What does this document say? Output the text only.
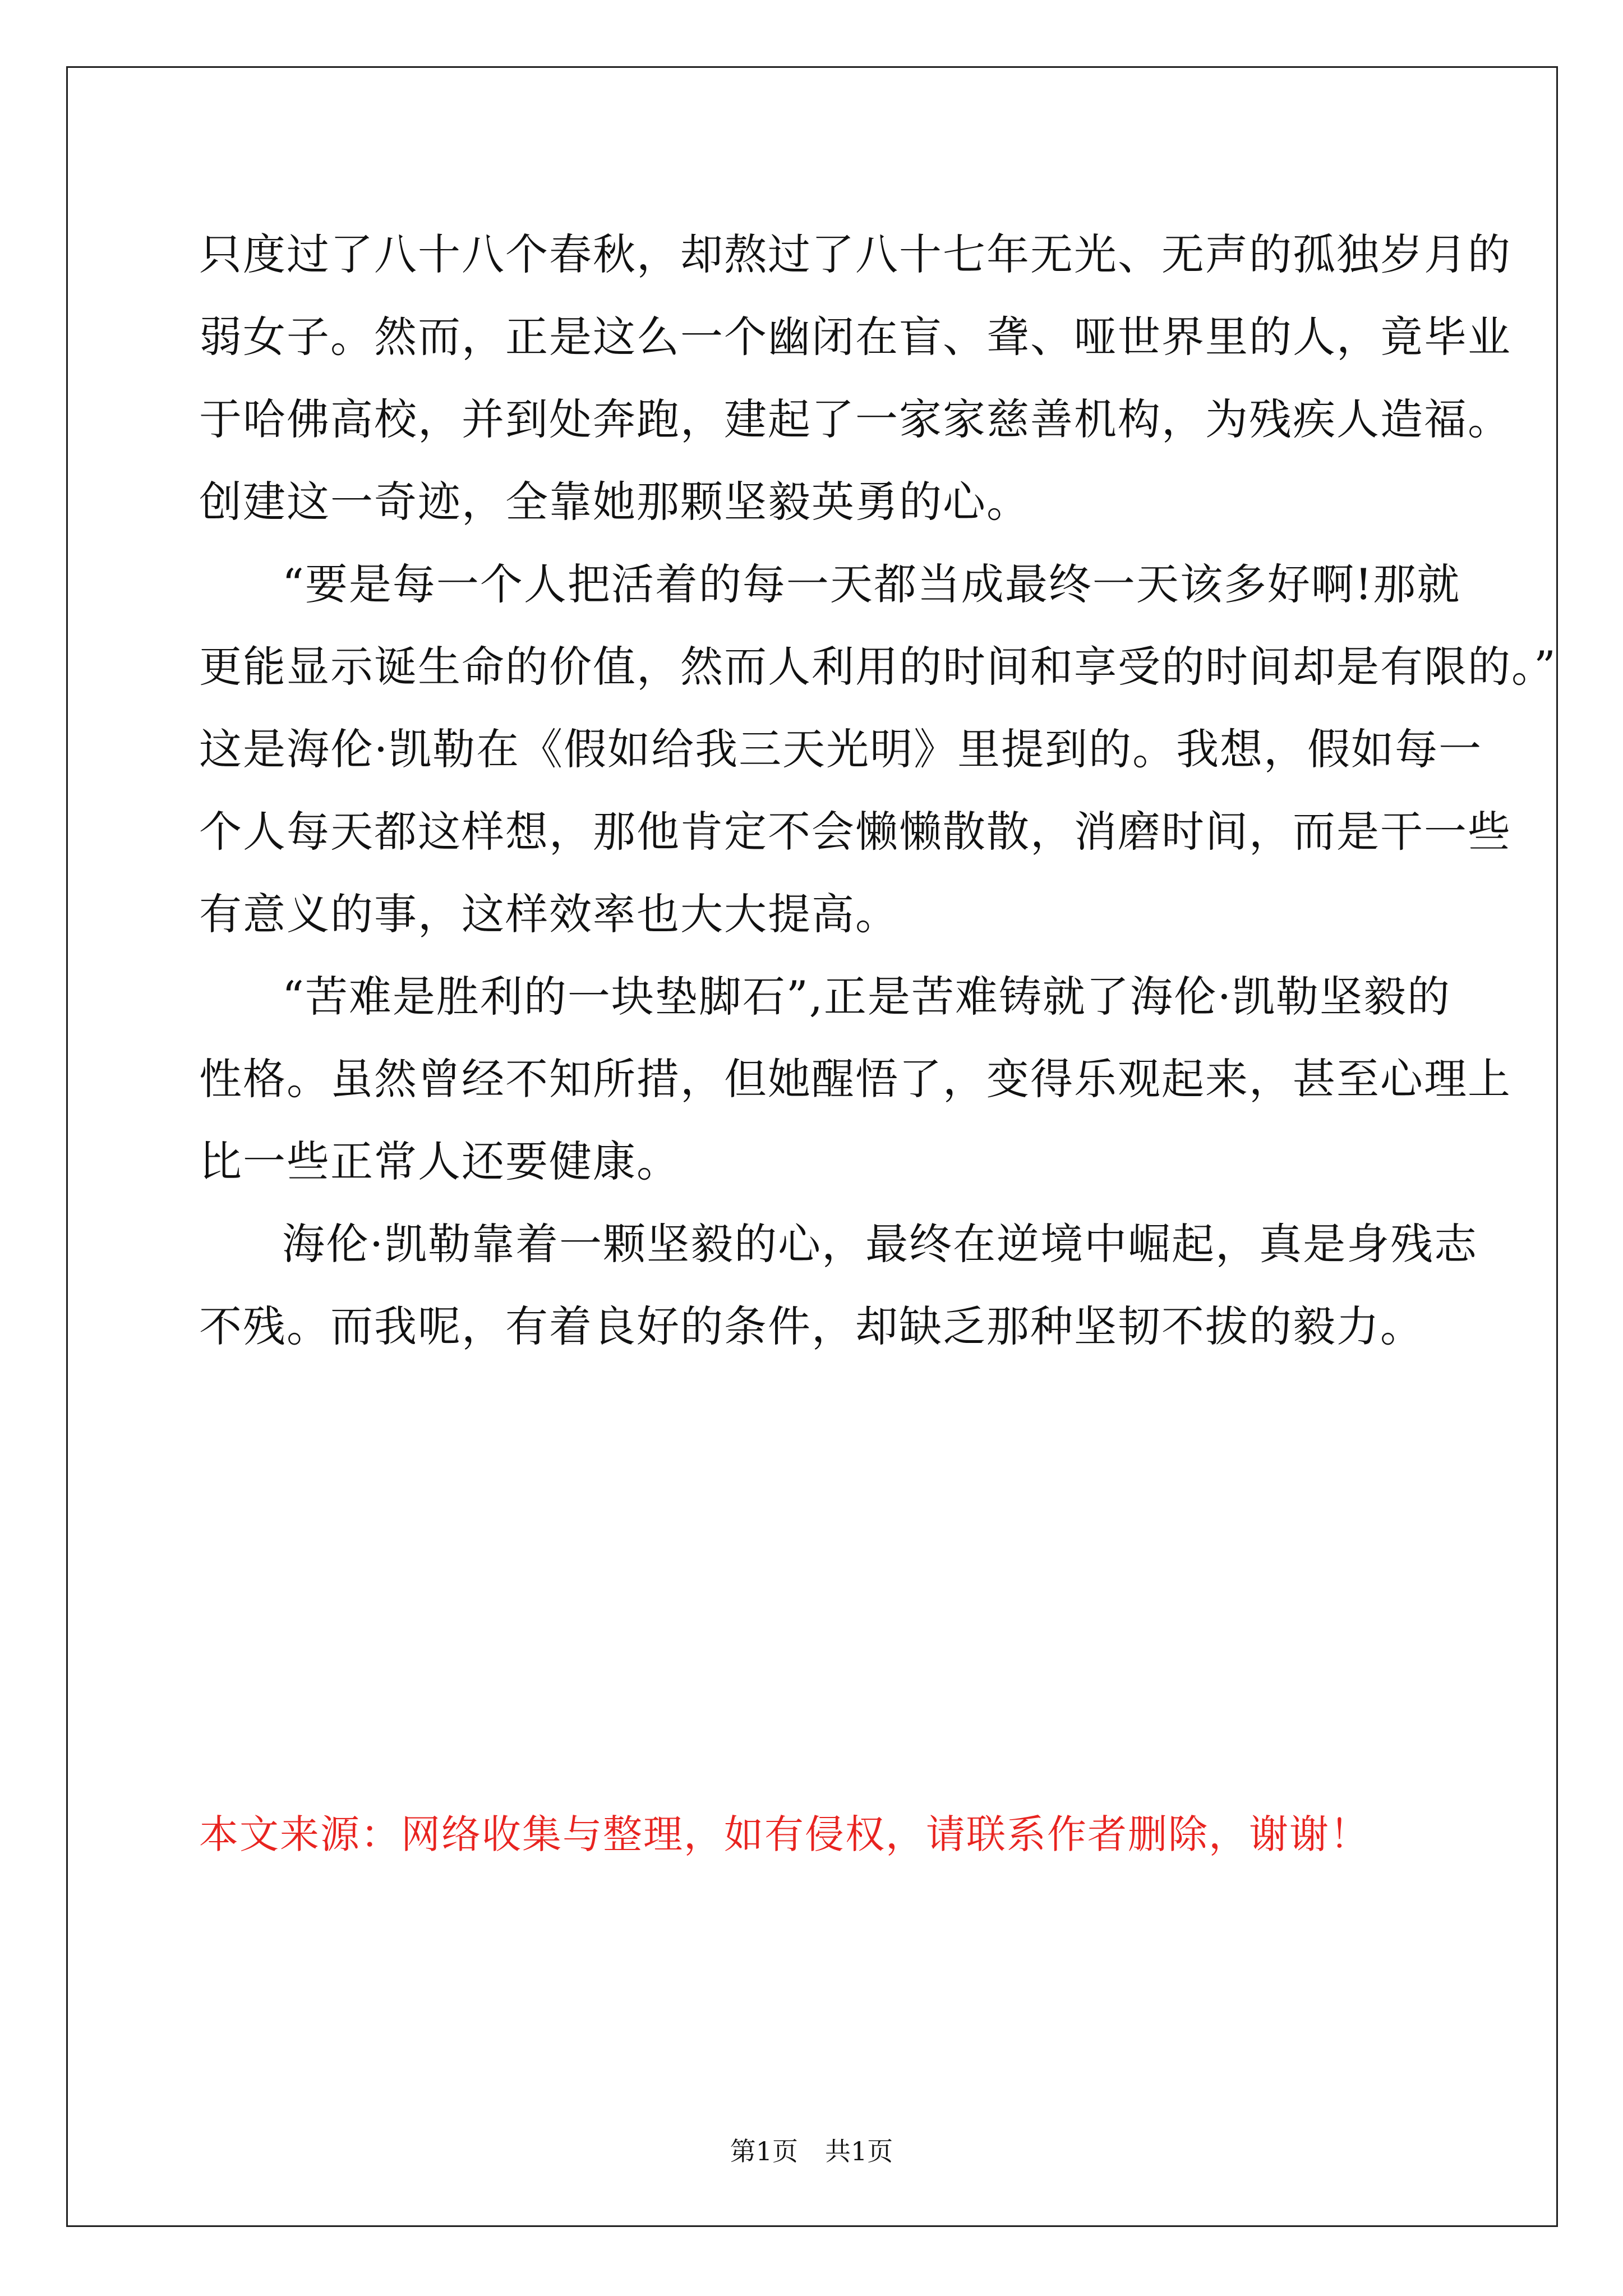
只度过了八十八个春秋，却熬过了八十七年无光、无声的孤独岁月的
弱女子。然而，正是这么一个幽闭在盲、聋、哑世界里的人，竟毕业
于哈佛高校，并到处奔跑，建起了一家家慈善机构，为残疾人造福。
创建这一奇迹，全靠她那颗坚毅英勇的心。
“要是每一个人把活着的每一天都当成最终一天该多好啊!那就
更能显示诞生命的价值，然而人利用的时间和享受的时间却是有限的。”
这是海伦·凯勒在《假如给我三天光明》里提到的。我想，假如每一
个人每天都这样想，那他肯定不会懒懒散散，消磨时间，而是干一些
有意义的事，这样效率也大大提高。
“苦难是胜利的一块垫脚石”,正是苦难铸就了海伦·凯勒坚毅的
性格。虽然曾经不知所措，但她醒悟了，变得乐观起来，甚至心理上
比一些正常人还要健康。
海伦·凯勒靠着一颗坚毅的心，最终在逆境中崛起，真是身残志
不残。而我呢，有着良好的条件，却缺乏那种坚韧不拔的毅力。
本文来源：网络收集与整理，如有侵权，请联系作者删除，谢谢！
第1页 共1页
